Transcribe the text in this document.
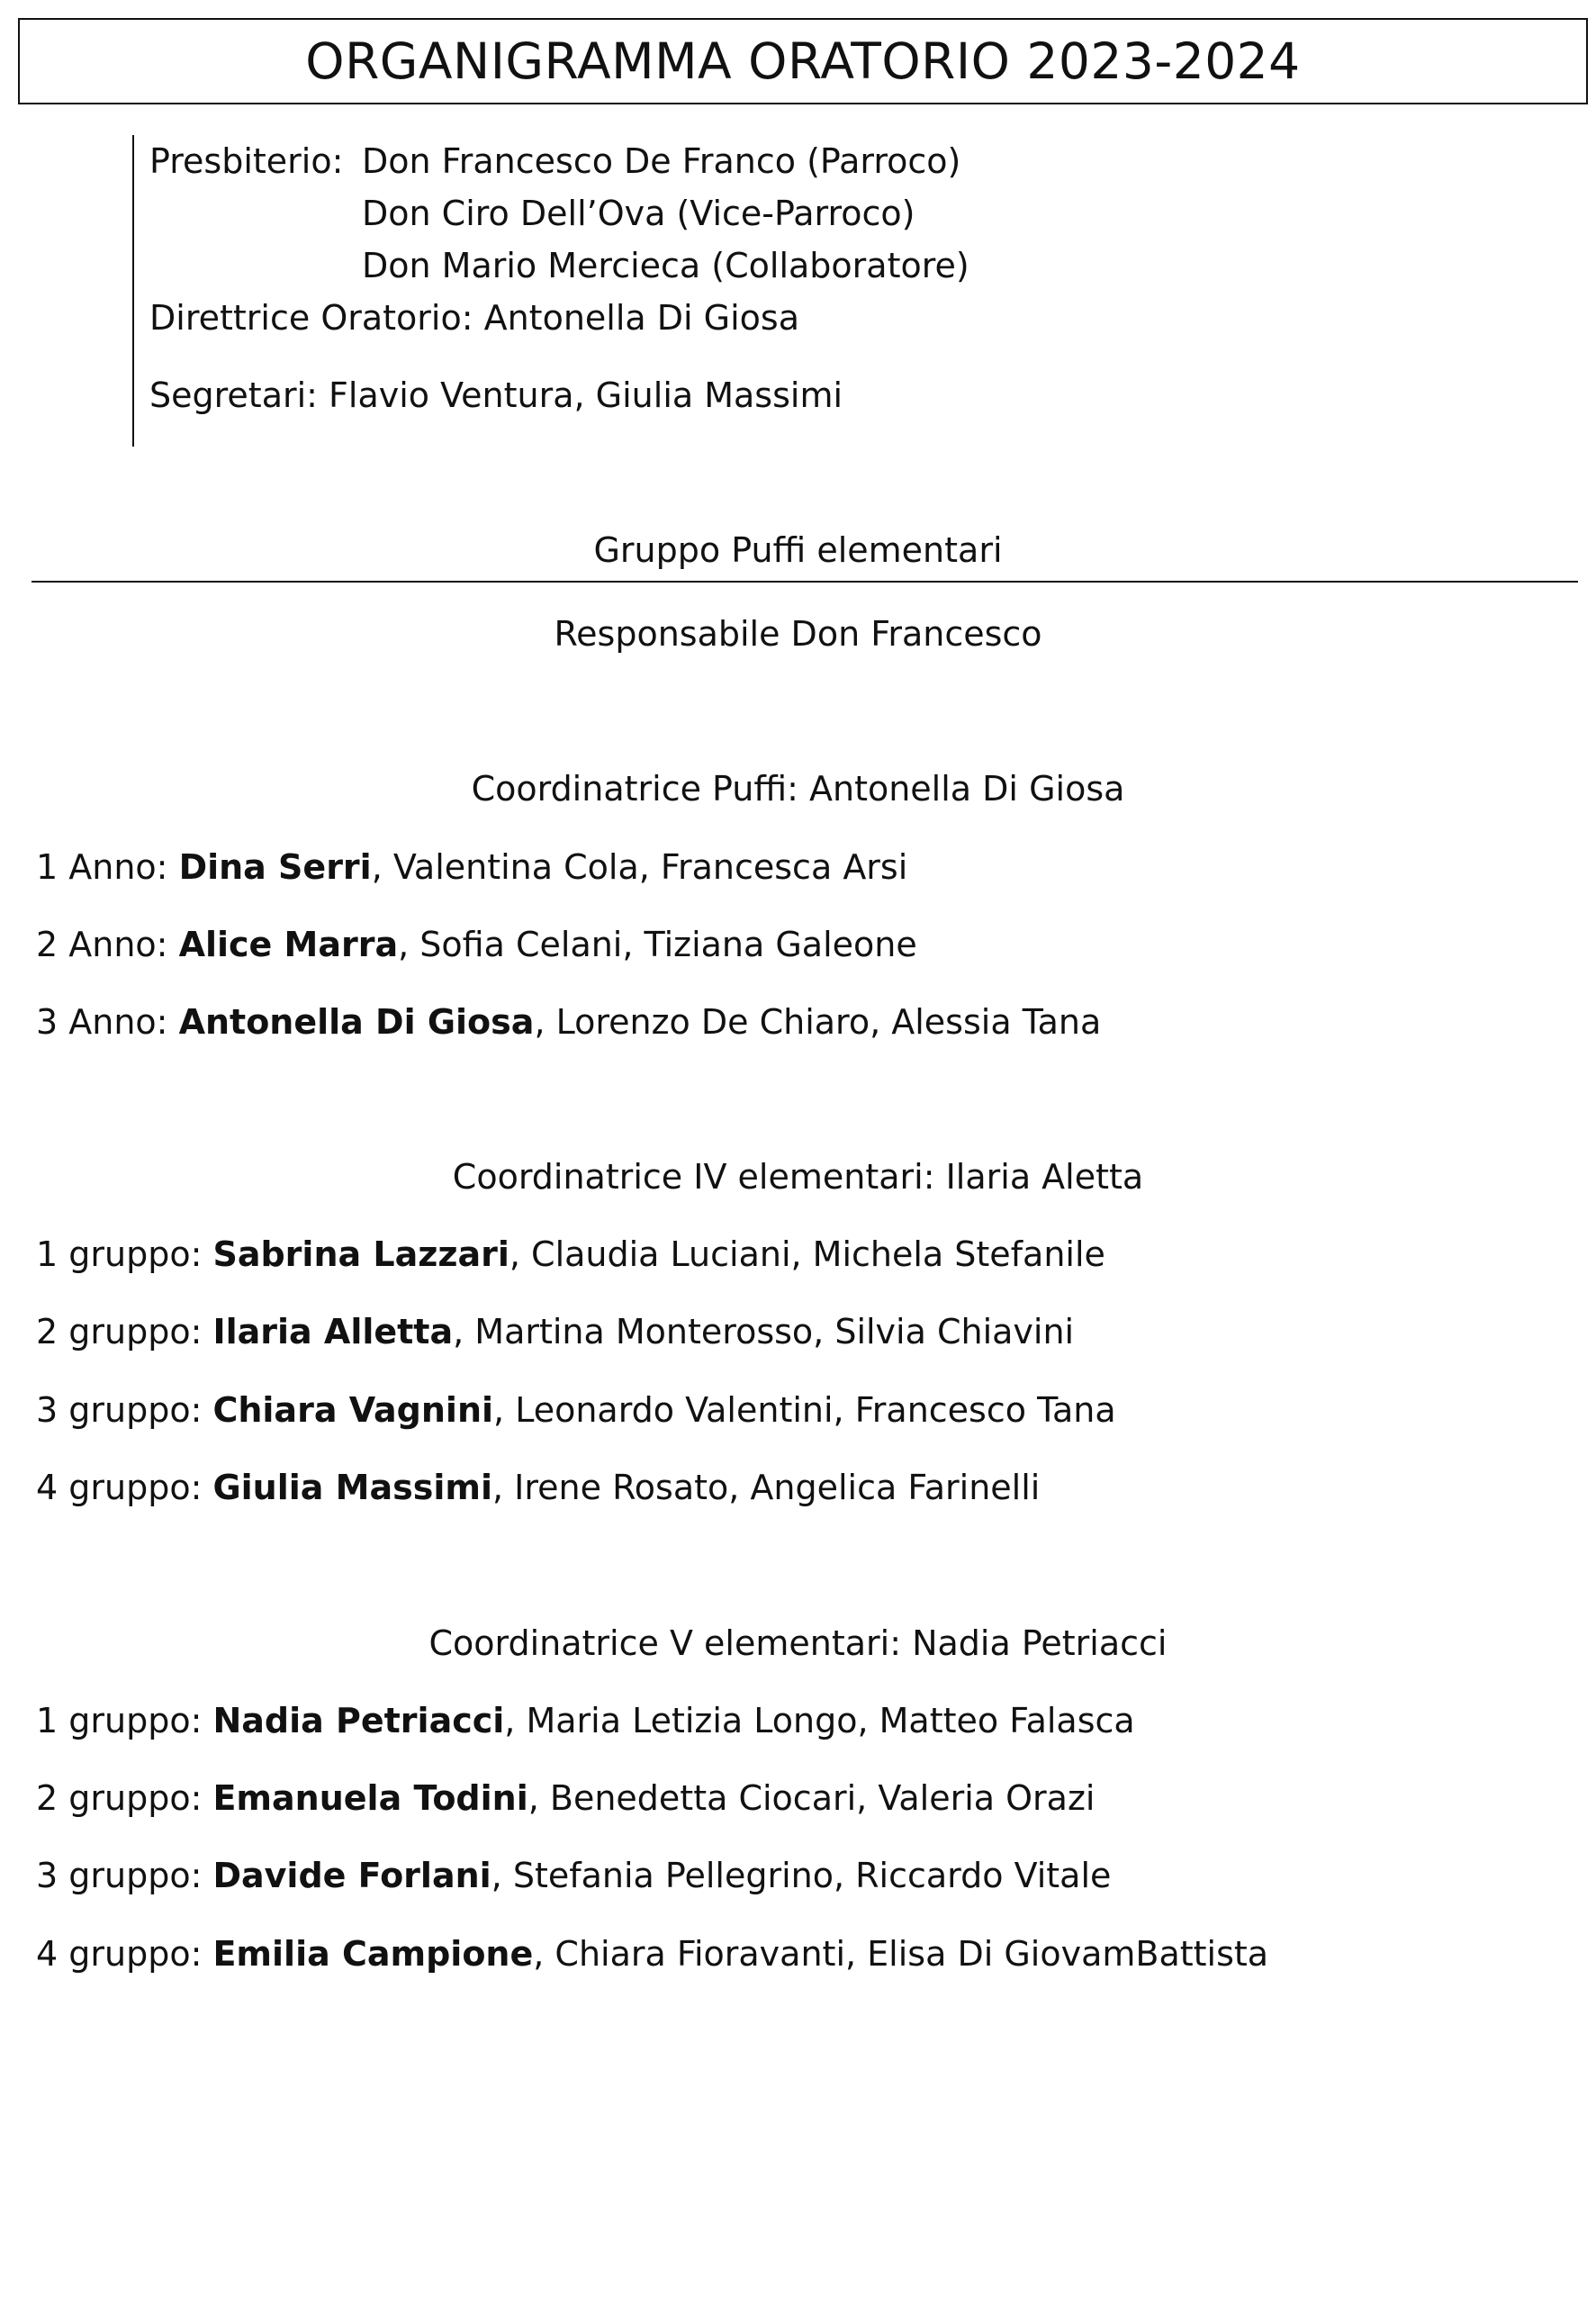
ORGANIGRAMMA ORATORIO 2023-2024
Presbiterio: Don Francesco De Franco (Parroco)
Don Ciro Dell’Ova (Vice-Parroco)
Don Mario Mercieca (Collaboratore)
Direttrice Oratorio: Antonella Di Giosa
Segretari: Flavio Ventura, Giulia Massimi
Gruppo Puffi elementari
Responsabile Don Francesco
Coordinatrice Puffi: Antonella Di Giosa
1 Anno: Dina Serri, Valentina Cola, Francesca Arsi
2 Anno: Alice Marra, Sofia Celani, Tiziana Galeone
3 Anno: Antonella Di Giosa, Lorenzo De Chiaro, Alessia Tana
Coordinatrice IV elementari: Ilaria Aletta
1 gruppo: Sabrina Lazzari, Claudia Luciani, Michela Stefanile
2 gruppo: Ilaria Alletta, Martina Monterosso, Silvia Chiavini
3 gruppo: Chiara Vagnini, Leonardo Valentini, Francesco Tana
4 gruppo: Giulia Massimi, Irene Rosato, Angelica Farinelli
Coordinatrice V elementari: Nadia Petriacci
1 gruppo: Nadia Petriacci, Maria Letizia Longo, Matteo Falasca
2 gruppo: Emanuela Todini, Benedetta Ciocari, Valeria Orazi
3 gruppo: Davide Forlani, Stefania Pellegrino, Riccardo Vitale
4 gruppo: Emilia Campione, Chiara Fioravanti, Elisa Di GiovamBattista
